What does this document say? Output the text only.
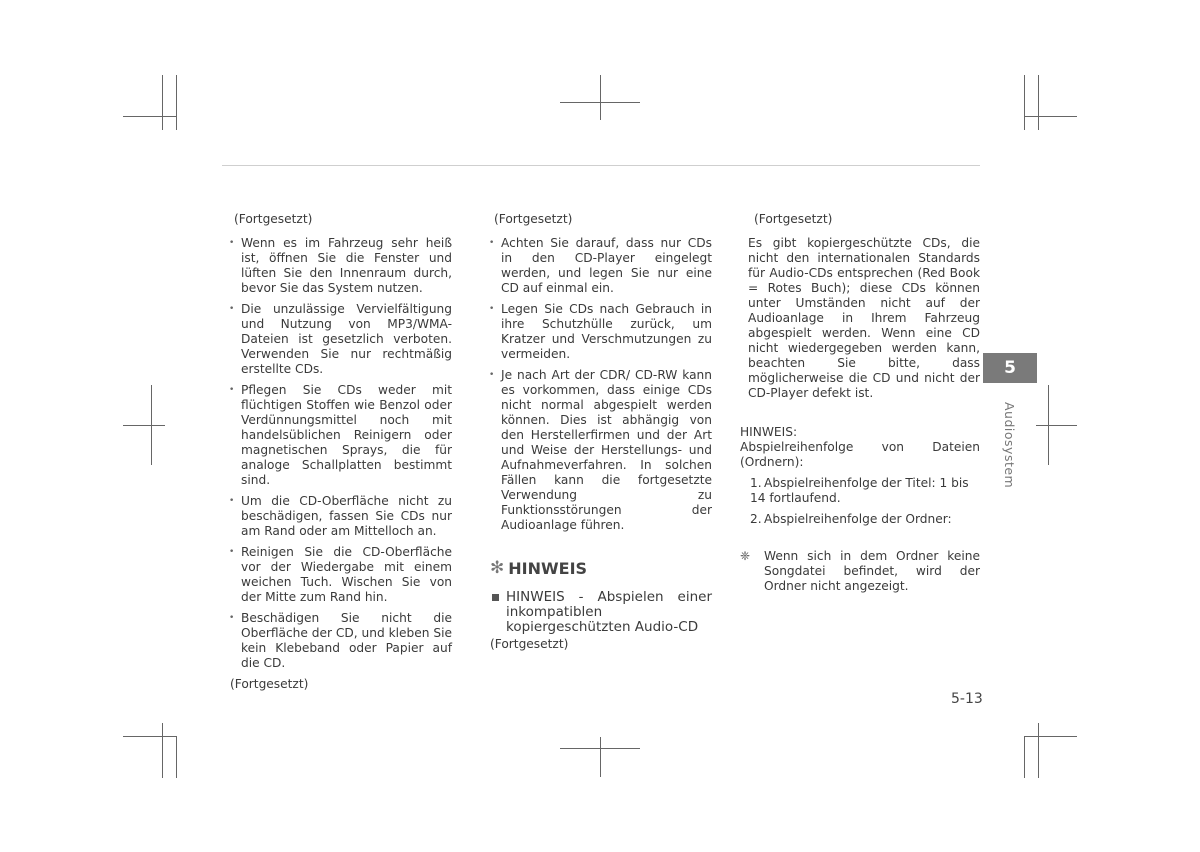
(Fortgesetzt)
• Wenn es im Fahrzeug sehr heiß ist, öffnen Sie die Fenster und lüften Sie den Innenraum durch, bevor Sie das System nutzen.
• Die unzulässige Vervielfältigung und Nutzung von MP3/WMA-Dateien ist gesetzlich verboten. Verwenden Sie nur rechtmäßig erstellte CDs.
• Pflegen Sie CDs weder mit flüchtigen Stoffen wie Benzol oder Verdünnungsmittel noch mit handelsüblichen Reinigern oder magnetischen Sprays, die für analoge Schallplatten bestimmt sind.
• Um die CD-Oberfläche nicht zu beschädigen, fassen Sie CDs nur am Rand oder am Mittelloch an.
• Reinigen Sie die CD-Oberfläche vor der Wiedergabe mit einem weichen Tuch. Wischen Sie von der Mitte zum Rand hin.
• Beschädigen Sie nicht die Oberfläche der CD, und kleben Sie kein Klebeband oder Papier auf die CD.
(Fortgesetzt)
(Fortgesetzt)
• Achten Sie darauf, dass nur CDs in den CD-Player eingelegt werden, und legen Sie nur eine CD auf einmal ein.
• Legen Sie CDs nach Gebrauch in ihre Schutzhülle zurück, um Kratzer und Verschmutzungen zu vermeiden.
• Je nach Art der CDR/ CD-RW kann es vorkommen, dass einige CDs nicht normal abgespielt werden können. Dies ist abhängig von den Herstellerfirmen und der Art und Weise der Herstellungs- und Aufnahmeverfahren. In solchen Fällen kann die fortgesetzte Verwendung zu Funktionsstörungen der Audioanlage führen.
✻ HINWEIS
HINWEIS - Abspielen einer inkompatiblen kopiergeschützten Audio-CD
(Fortgesetzt)
(Fortgesetzt)

Es gibt kopiergeschützte CDs, die nicht den internationalen Standards für Audio-CDs entsprechen (Red Book = Rotes Buch); diese CDs können unter Umständen nicht auf der Audioanlage in Ihrem Fahrzeug abgespielt werden. Wenn eine CD nicht wiedergegeben werden kann, beachten Sie bitte, dass möglicherweise die CD und nicht der CD-Player defekt ist.

HINWEIS:
Abspielreihenfolge von Dateien (Ordnern):
1. Abspielreihenfolge der Titel: 1 bis 14 fortlaufend.
2. Abspielreihenfolge der Ordner:
❈ Wenn sich in dem Ordner keine Songdatei befindet, wird der Ordner nicht angezeigt.
5
Audiosystem
5-13
